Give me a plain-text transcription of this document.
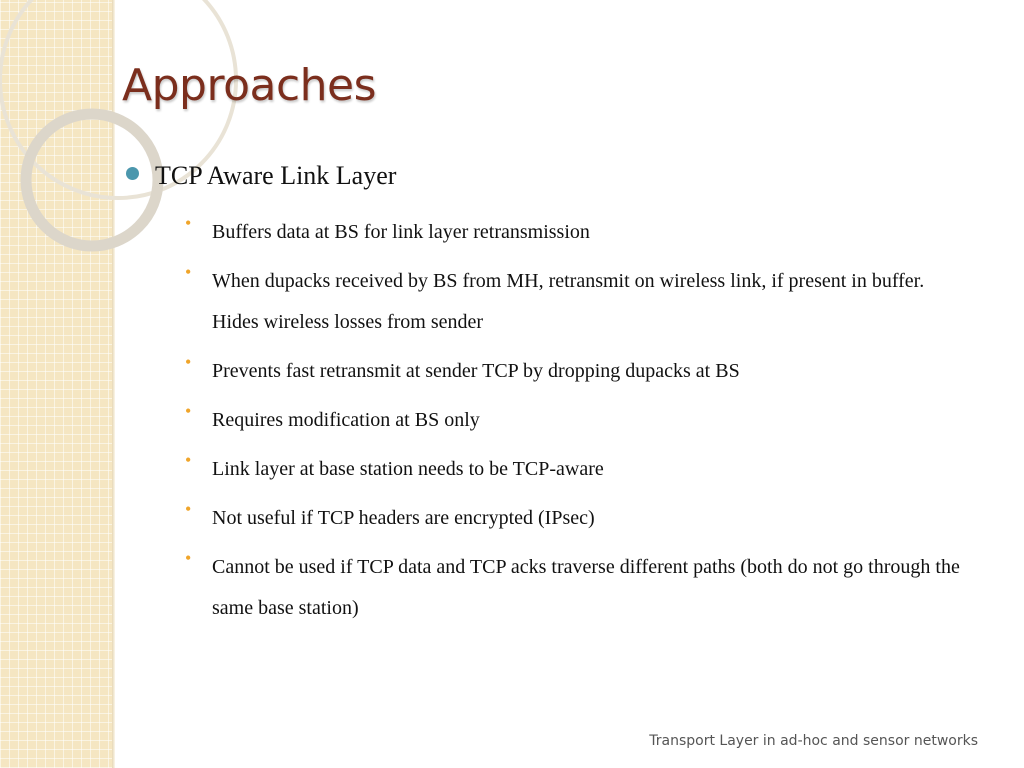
Approaches
TCP Aware Link Layer
•	Buffers data at BS for link layer retransmission
•	When dupacks received by BS from MH, retransmit on wireless link, if present in buffer. Hides wireless losses from sender
•	Prevents fast retransmit at sender TCP by dropping dupacks at BS
•	Requires modification at BS only
•	Link layer at base station needs to be TCP-aware
•	Not useful if TCP headers are encrypted (IPsec)
•	Cannot be used if TCP data and TCP acks traverse different paths (both do not go through the same base station)
Transport Layer in ad-hoc and sensor networks
